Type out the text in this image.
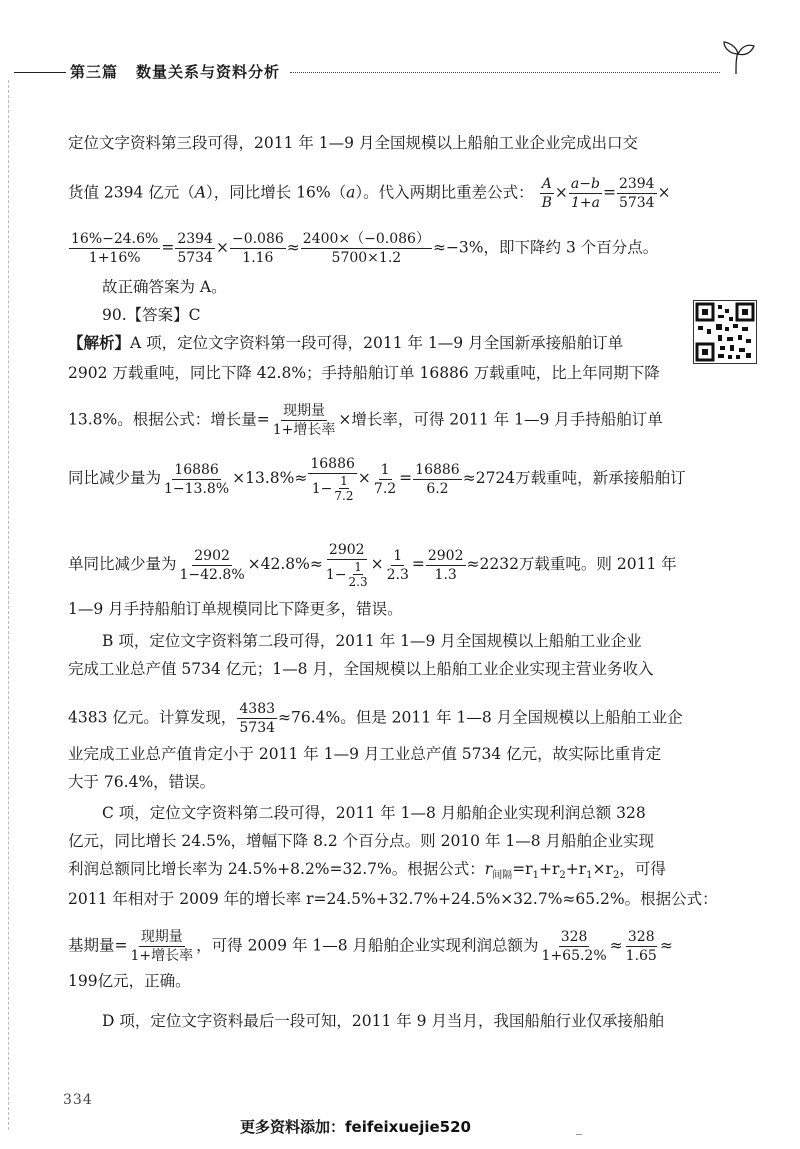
第三篇 数量关系与资料分析
定位文字资料第三段可得，2011 年 1—9 月全国规模以上船舶工业企业完成出口交
货值 2394 亿元（A），同比增长 16%（a）。代入两期比重差公式： $\frac{A}{B} \times \frac{a-b}{1+a} = \frac{2394}{5734}$ ×
$\frac{16\%-24.6\%}{1+16\%} = \frac{2394}{5734} \times \frac{-0.086}{1.16} \approx \frac{2400\times(-0.086)}{5700\times 1.2} \approx-3\%$，即下降约 3 个百分点。
故正确答案为 A。
90.【答案】C
【解析】A 项，定位文字资料第一段可得，2011 年 1—9 月全国新承接船舶订单
2902 万载重吨，同比下降 42.8%；手持船舶订单 16886 万载重吨，比上年同期下降
13.8%。根据公式：增长量= $\frac{\text{现期量}}{\text{1+增长率}}$ ×增长率，可得 2011 年 1—9 月手持船舶订单
同比减少量为 $\frac{16886}{1-13.8\%} \times 13.8\%\approx \frac{16886}{1- \frac{1}{7.2}} \times \frac{1}{7.2} = \frac{16886}{6.2} \approx 2724$万载重吨，新承接船舶订
单同比减少量为 $\frac{2902}{1-42.8\%} \times 42.8\%\approx \frac{2902}{1- \frac{1}{2.3}} \times \frac{1}{2.3} = \frac{2902}{1.3} \approx 2232$万载重吨。则 2011 年
1—9 月手持船舶订单规模同比下降更多，错误。
B 项，定位文字资料第二段可得，2011 年 1—9 月全国规模以上船舶工业企业
完成工业总产值 5734 亿元；1—8 月，全国规模以上船舶工业企业实现主营业务收入
4383 亿元。计算发现， $\frac{4383}{5734} \approx 76.4\%$。但是 2011 年 1—8 月全国规模以上船舶工业企
业完成工业总产值肯定小于 2011 年 1—9 月工业总产值 5734 亿元，故实际比重肯定
大于 76.4%，错误。
C 项，定位文字资料第二段可得，2011 年 1—8 月船舶企业实现利润总额 328
亿元，同比增长 24.5%，增幅下降 8.2 个百分点。则 2010 年 1—8 月船舶企业实现
利润总额同比增长率为 24.5%+8.2%=32.7%。根据公式：$r_{间隔}=r_1+r_2+r_1\times r_2$，可得
2011 年相对于 2009 年的增长率 r=24.5%+32.7%+24.5%×32.7%≈65.2%。根据公式：
基期量= $\frac{\text{现期量}}{\text{1+增长率}}$ ，可得 2009 年 1—8 月船舶企业实现利润总额为 $\frac{328}{1+65.2\%} \approx \frac{328}{1.65}$ ≈
199亿元，正确。
D 项，定位文字资料最后一段可知，2011 年 9 月当月，我国船舶行业仅承接船舶
334
更多资料添加：feifeixuejie520
